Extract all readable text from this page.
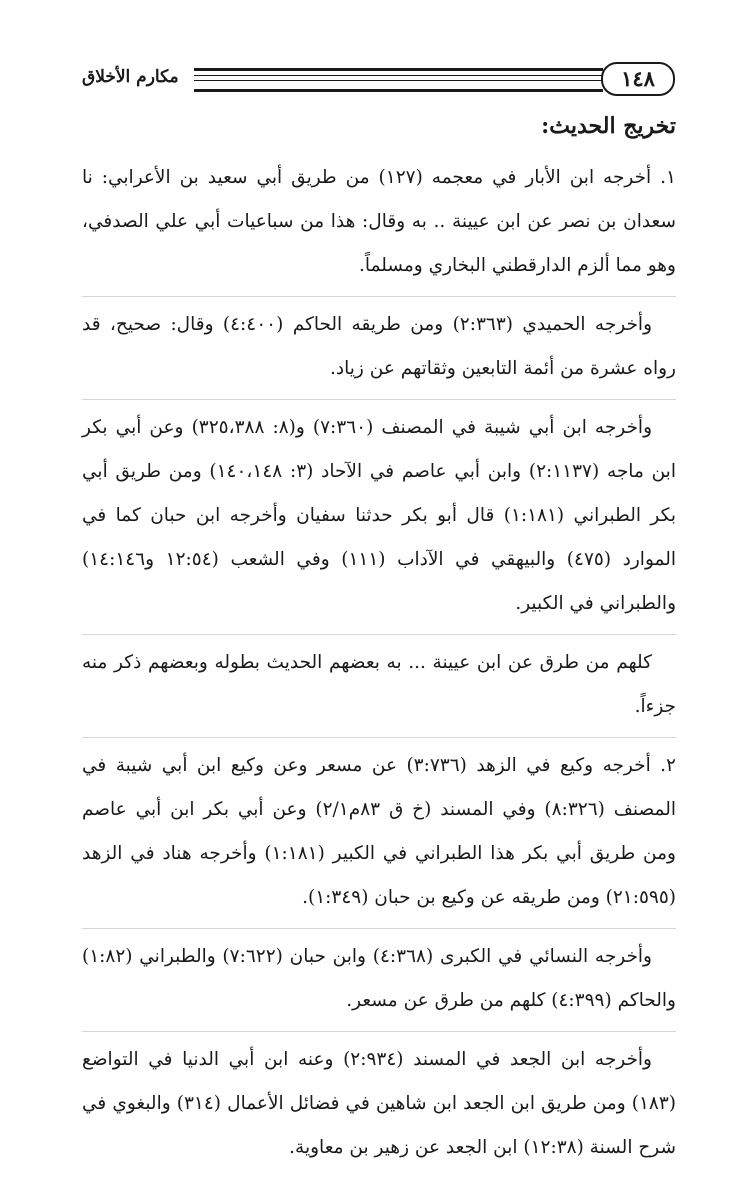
١٤٨
مكارم الأخلاق
تخريج الحديث:

١. أخرجه ابن الأبار في معجمه (١٢٧) من طريق أبي سعيد بن الأعرابي: نا سعدان بن نصر عن ابن عيينة .. به وقال: هذا من سباعيات أبي علي الصدفي، وهو مما ألزم الدارقطني البخاري ومسلماً.

وأخرجه الحميدي (٢:٣٦٣) ومن طريقه الحاكم (٤:٤٠٠) وقال: صحيح، قد رواه عشرة من أئمة التابعين وثقاتهم عن زياد.

وأخرجه ابن أبي شيبة في المصنف (٧:٣٦٠) و(٨: ٣٢٥،٣٨٨) وعن أبي بكر ابن ماجه (٢:١١٣٧) وابن أبي عاصم في الآحاد (٣: ١٤٠،١٤٨) ومن طريق أبي بكر الطبراني (١:١٨١) قال أبو بكر حدثنا سفيان وأخرجه ابن حبان كما في الموارد (٤٧٥) والبيهقي في الآداب (١١١) وفي الشعب (١٢:٥٤ و١٤:١٤٦) والطبراني في الكبير.

كلهم من طرق عن ابن عيينة ... به بعضهم الحديث بطوله وبعضهم ذكر منه جزءاً.

٢. أخرجه وكيع في الزهد (٣:٧٣٦) عن مسعر وعن وكيع ابن أبي شيبة في المصنف (٨:٣٢٦) وفي المسند (خ ق ٨٣م٢/١) وعن أبي بكر ابن أبي عاصم ومن طريق أبي بكر هذا الطبراني في الكبير (١:١٨١) وأخرجه هناد في الزهد (٢١:٥٩٥) ومن طريقه عن وكيع بن حبان (١:٣٤٩).

وأخرجه النسائي في الكبرى (٤:٣٦٨) وابن حبان (٧:٦٢٢) والطبراني (١:٨٢) والحاكم (٤:٣٩٩) كلهم من طرق عن مسعر.

وأخرجه ابن الجعد في المسند (٢:٩٣٤) وعنه ابن أبي الدنيا في التواضع (١٨٣) ومن طريق ابن الجعد ابن شاهين في فضائل الأعمال (٣١٤) والبغوي في شرح السنة (١٢:٣٨) ابن الجعد عن زهير بن معاوية.
